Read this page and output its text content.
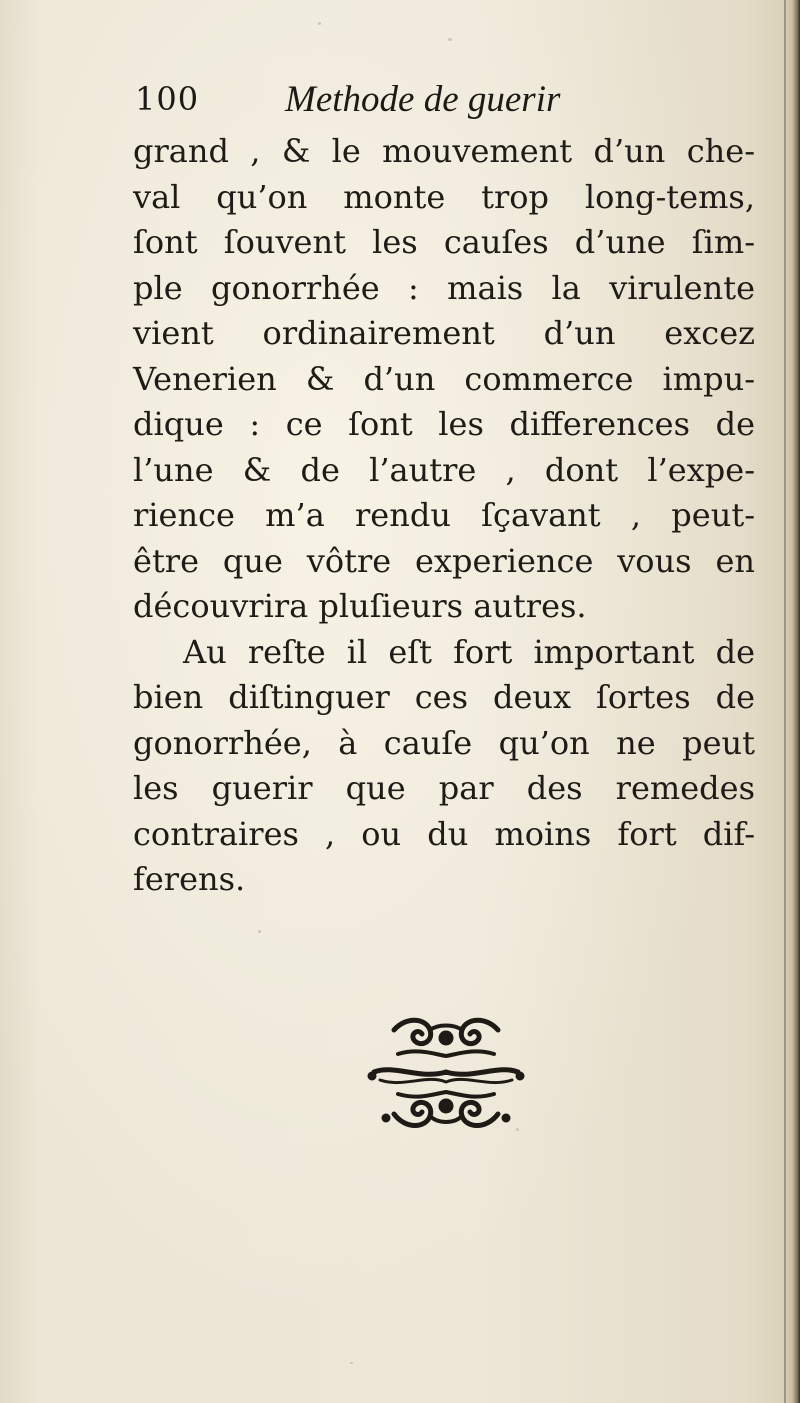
100 Methode de guerir
grand , & le mouvement d’un che-
val qu’on monte trop long-tems,
ſont ſouvent les cauſes d’une ſim-
ple gonorrhée : mais la virulente
vient ordinairement d’un excez
Venerien & d’un commerce impu-
dique : ce ſont les differences de
l’une & de l’autre , dont l’expe-
rience m’a rendu ſçavant , peut-
être que vôtre experience vous en
découvrira pluſieurs autres.
Au reſte il eſt fort important de
bien diſtinguer ces deux ſortes de
gonorrhée, à cauſe qu’on ne peut
les guerir que par des remedes
contraires , ou du moins fort dif-
ferens.
